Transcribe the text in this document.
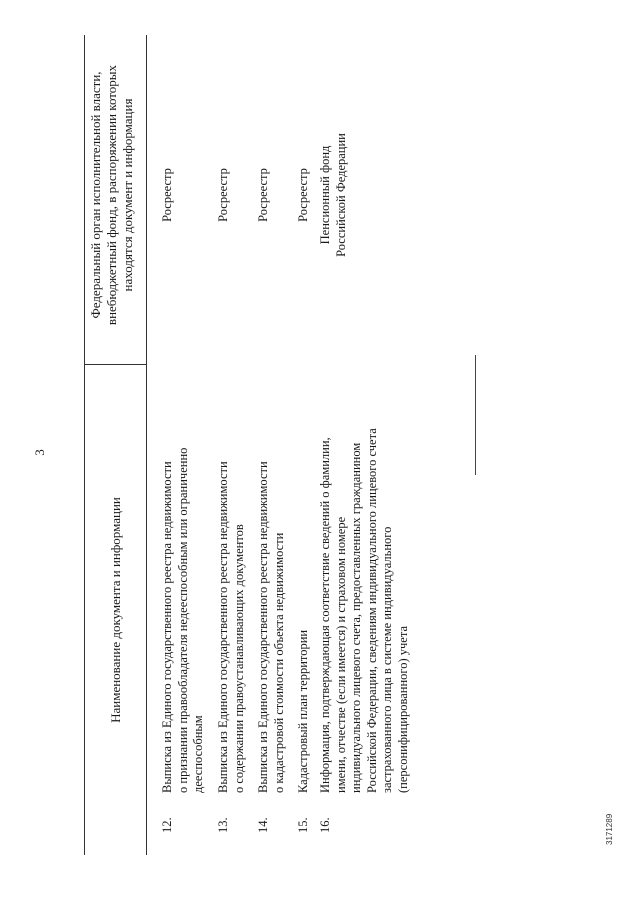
3
Наименование документа и информации
Федеральный орган исполнительной власти,
внебюджетный фонд, в распоряжении которых
находятся документ и информация
12.
Выписка из Единого государственного реестра недвижимости
о признании правообладателя недееспособным или ограниченно
дееспособным
Росреестр
13.
Выписка из Единого государственного реестра недвижимости
о содержании правоустанавливающих документов
Росреестр
14.
Выписка из Единого государственного реестра недвижимости
о кадастровой стоимости объекта недвижимости
Росреестр
15.
Кадастровый план территории
Росреестр
16.
Информация, подтверждающая соответствие сведений о фамилии,
имени, отчестве (если имеется) и страховом номере
индивидуального лицевого счета, предоставленных гражданином
Российской Федерации, сведениям индивидуального лицевого счета
застрахованного лица в системе индивидуального
(персонифицированного) учета
Пенсионный фонд
Российской Федерации
3171289
